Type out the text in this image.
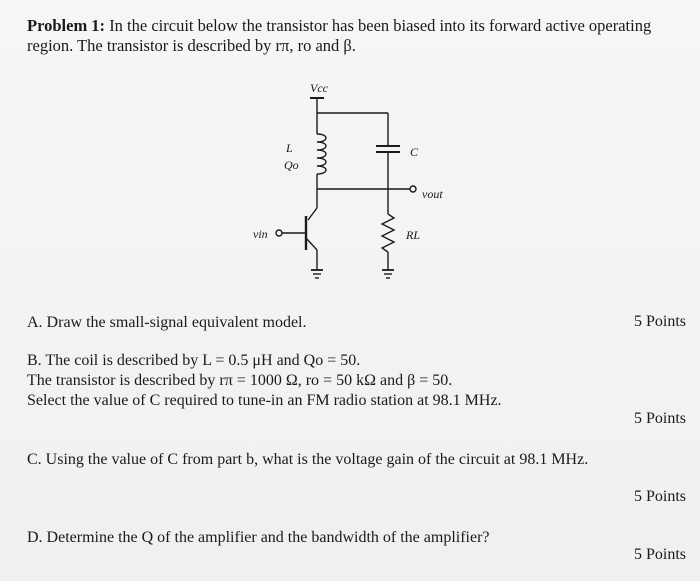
Problem 1: In the circuit below the transistor has been biased into its forward active operating region. The transistor is described by rπ, ro and β.
Vcc
L
Qo
C
vout
vin	RL
A. Draw the small-signal equivalent model.	5 Points
B. The coil is described by L = 0.5 μH and Qo = 50.
The transistor is described by rπ = 1000 Ω, ro = 50 kΩ and β = 50.
Select the value of C required to tune-in an FM radio station at 98.1 MHz.
5 Points
C. Using the value of C from part b, what is the voltage gain of the circuit at 98.1 MHz.
5 Points
D. Determine the Q of the amplifier and the bandwidth of the amplifier?
5 Points
